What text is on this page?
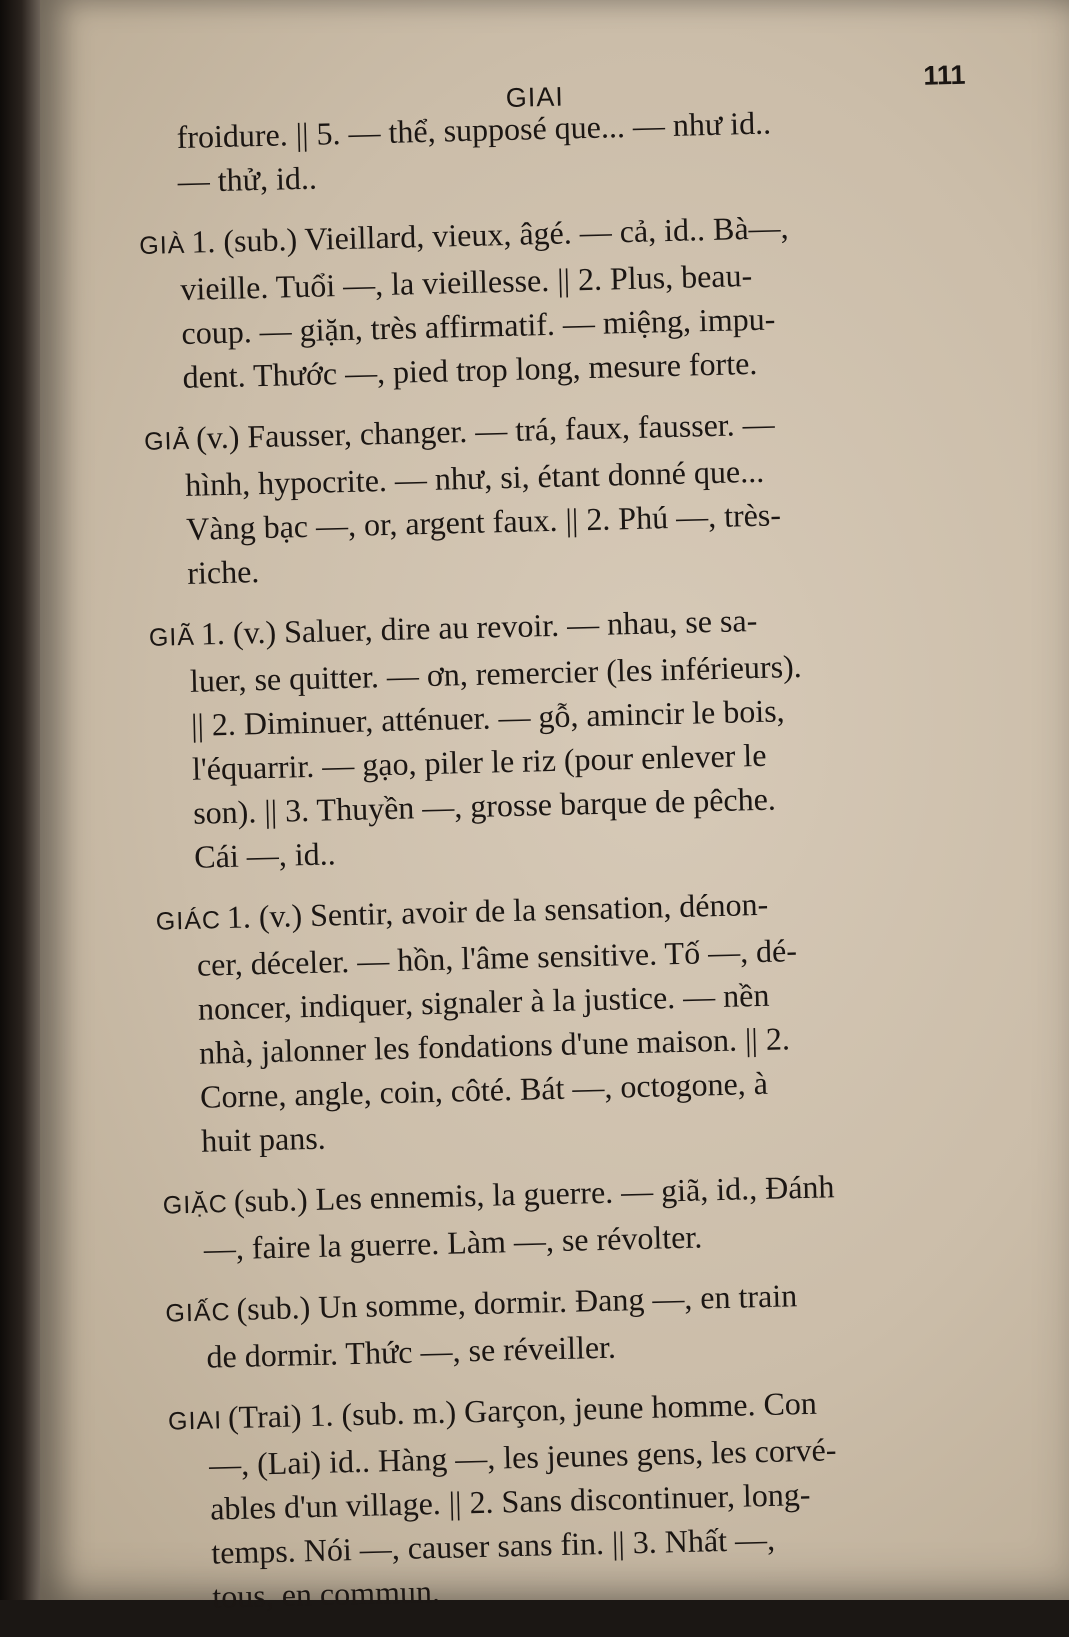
GIAI
111
froidure. || 5. — thể, supposé que... — như id..
— thử, id..
GIÀ 1. (sub.) Vieillard, vieux, âgé. — cả, id.. Bà—,
vieille. Tuổi —, la vieillesse. || 2. Plus, beau-
coup. — giặn, très affirmatif. — miệng, impu-
dent. Thước —, pied trop long, mesure forte.
GIẢ (v.) Fausser, changer. — trá, faux, fausser. —
hình, hypocrite. — như, si, étant donné que...
Vàng bạc —, or, argent faux. || 2. Phú —, très-
riche.
GIÃ 1. (v.) Saluer, dire au revoir. — nhau, se sa-
luer, se quitter. — ơn, remercier (les inférieurs).
|| 2. Diminuer, atténuer. — gỗ, amincir le bois,
l'équarrir. — gạo, piler le riz (pour enlever le
son). || 3. Thuyền —, grosse barque de pêche.
Cái —, id..
GIÁC 1. (v.) Sentir, avoir de la sensation, dénon-
cer, déceler. — hồn, l'âme sensitive. Tố —, dé-
noncer, indiquer, signaler à la justice. — nền
nhà, jalonner les fondations d'une maison. || 2.
Corne, angle, coin, côté. Bát —, octogone, à
huit pans.
GIẶC (sub.) Les ennemis, la guerre. — giã, id., Đánh
—, faire la guerre. Làm —, se révolter.
GIẤC (sub.) Un somme, dormir. Đang —, en train
de dormir. Thức —, se réveiller.
GIAI (Trai) 1. (sub. m.) Garçon, jeune homme. Con
—, (Lai) id.. Hàng —, les jeunes gens, les corvé-
ables d'un village. || 2. Sans discontinuer, long-
temps. Nói —, causer sans fin. || 3. Nhất —,
tous, en commun.
